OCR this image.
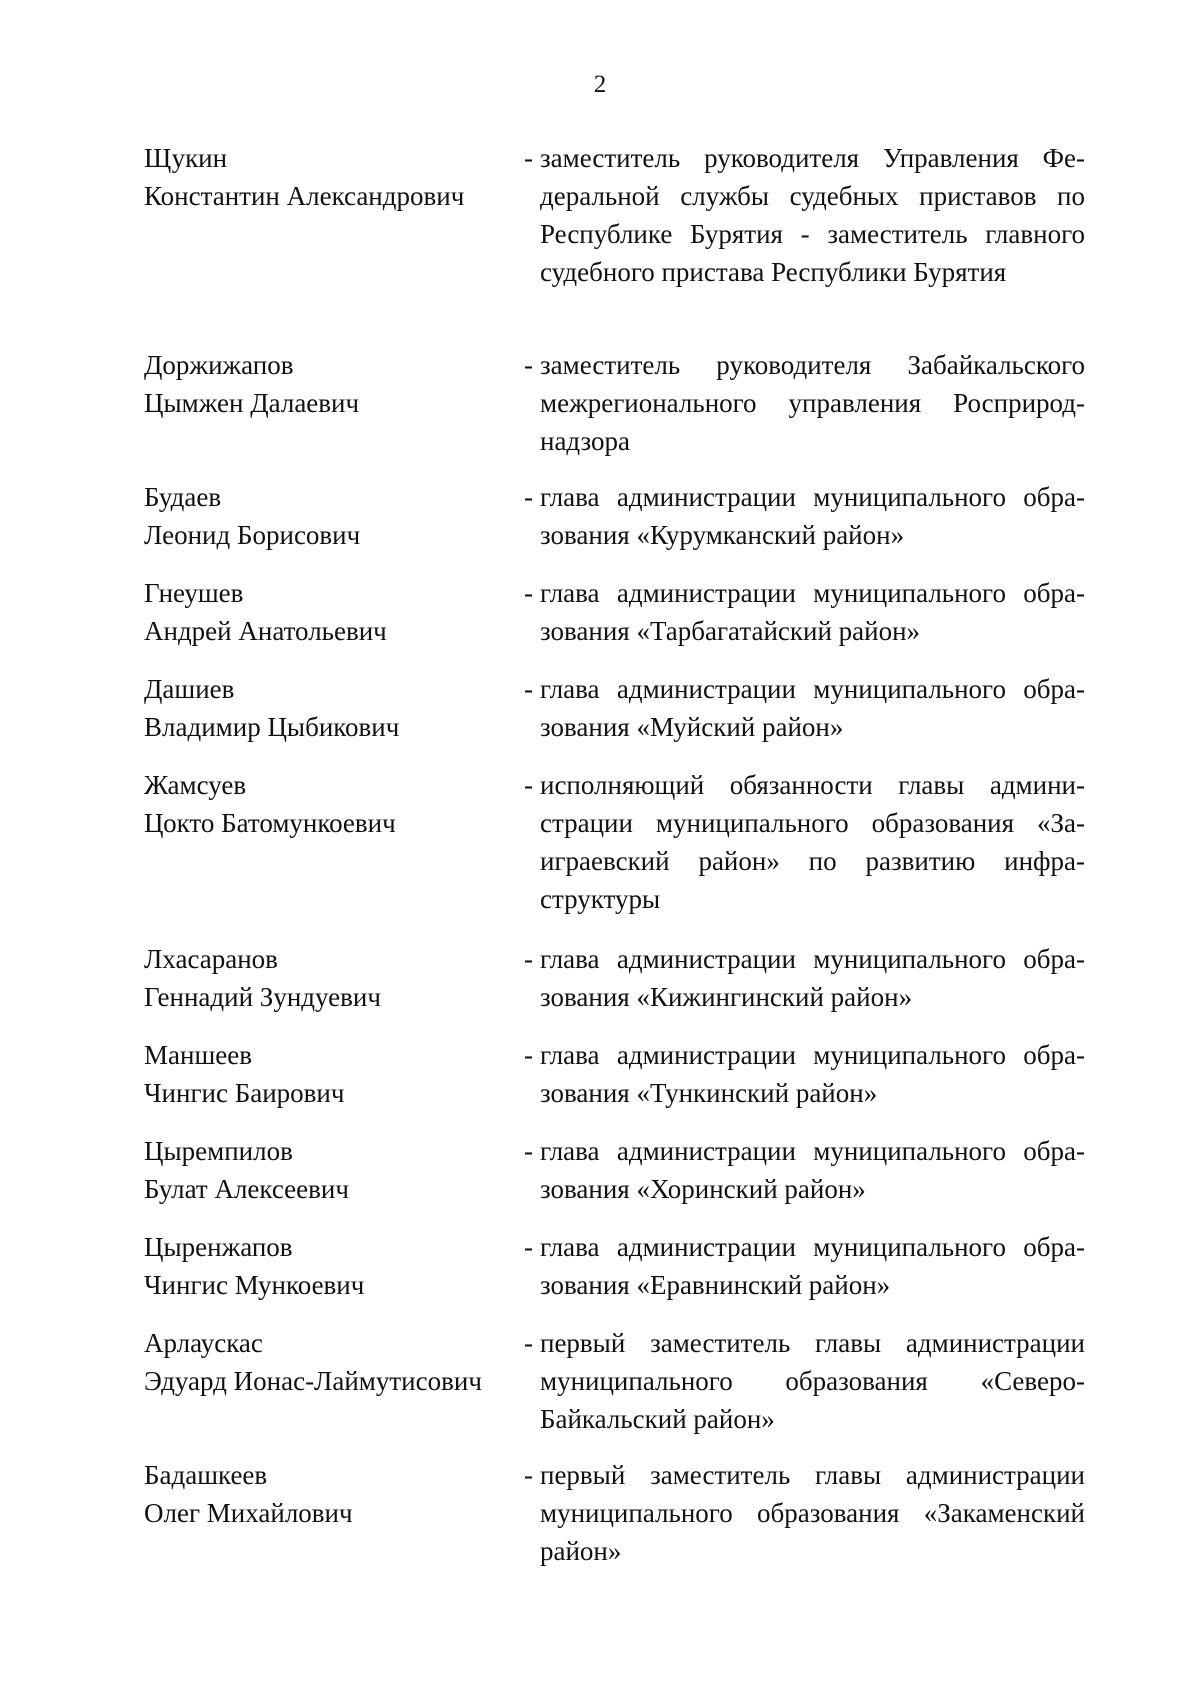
2
Щукин
Константин Александрович
- заместитель руководителя Управления Фе-
деральной службы судебных приставов по
Республике Бурятия - заместитель главного
судебного пристава Республики Бурятия
Доржижапов
Цымжен Далаевич
- заместитель руководителя Забайкальского
межрегионального управления Росприрод-
надзора
Будаев
Леонид Борисович
- глава администрации муниципального обра-
зования «Курумканский район»
Гнеушев
Андрей Анатольевич
- глава администрации муниципального обра-
зования «Тарбагатайский район»
Дашиев
Владимир Цыбикович
- глава администрации муниципального обра-
зования «Муйский район»
Жамсуев
Цокто Батомункоевич
- исполняющий обязанности главы админи-
страции муниципального образования «За-
играевский район» по развитию инфра-
структуры
Лхасаранов
Геннадий Зундуевич
- глава администрации муниципального обра-
зования «Кижингинский район»
Маншеев
Чингис Баирович
- глава администрации муниципального обра-
зования «Тункинский район»
Цыремпилов
Булат Алексеевич
- глава администрации муниципального обра-
зования «Хоринский район»
Цыренжапов
Чингис Мункоевич
- глава администрации муниципального обра-
зования «Еравнинский район»
Арлаускас
Эдуард Ионас-Лаймутисович
- первый заместитель главы администрации
муниципального образования «Северо-
Байкальский район»
Бадашкеев
Олег Михайлович
- первый заместитель главы администрации
муниципального образования «Закаменский
район»
